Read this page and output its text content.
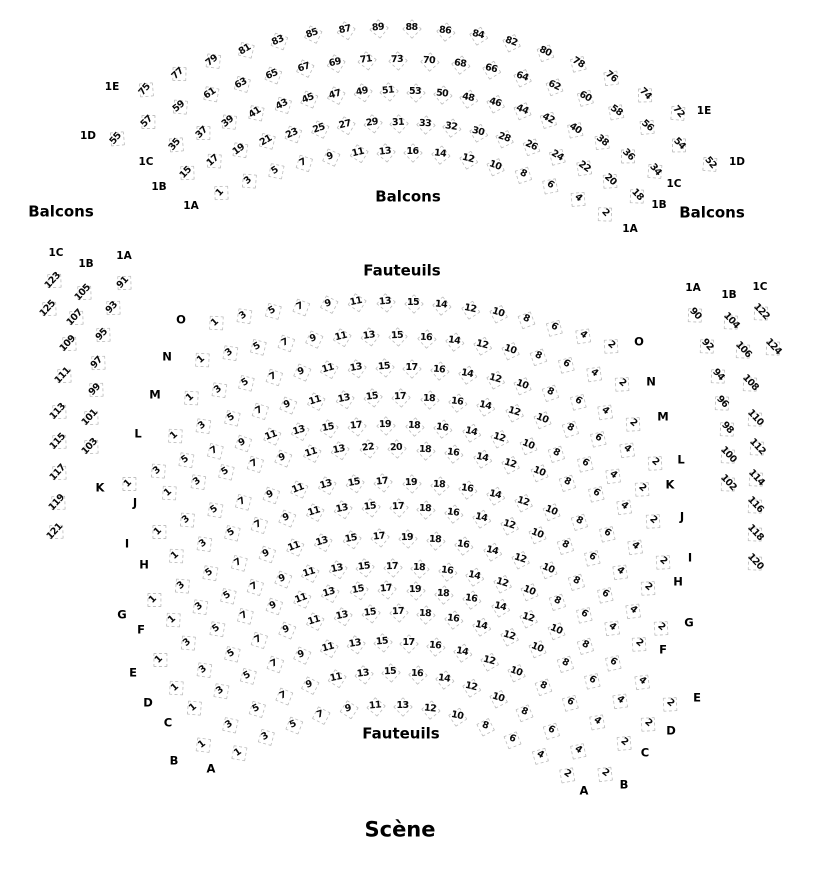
Balcons
Balcons
Balcons
Fauteuils
Fauteuils
Scène
75
77
79
81
83 85 87 89 88 86 84 82
80
78
76
74
72
1E
1E
55
57
59
61
63
65 67 69 71 73 70 68 66
64
62
60
58
56
54
52
1D
1D
35
37
39
41 43 45 47 49 51 53 50 48 46 44
42
40
38
36
34
1C
1C
15
17
19
21 23 25 27 29 31 33 32 30 28
26
24
22
20
18
1B
1B
1
3
5
7 9 11 13 16 14 12 10
8
6
4
2
1A
1A
1
3 5 7 9 11 13 15 14 12 10 8
6
4
2
O
O
1
3 5 7 9 11 13 15 16 14 12 10 8
6
4
2
N
N
1
3
5 7 9 11 13 15 17 16 14 12 10
8
6
4
2
M
M
1
3
5
7 9 11 13 15 17 18 16 14 12 10
8
6
4
2
L
L
1
3
5
7
9 11 13 15 17 19 18 16 14 12 10
8
6
4
2
K	K
1
3
5
7
9 11 13 22 20 18 16 14 12
10
8
6
4
2
J
J
1
3
5
7
9 11 13 15 17 19 18 16 14
12
10
8
6
4
2
I
I
1
3
5
7
9 11 13 15 17 18 16 14
12
10
8
6
4
2
H
H
1
3
5
7
9 11 13 15 17 19 18 16 14
12
10
8
6
4
2
G
G
1
3
5
7
9 11 13 15 17 18 16 14 12
10
8
6
4
2
F
F
1
3
5
7
9
11 13 15 17 19 18 16
14
12
10
8
6
4
2
E
E
1
3
5
7
9
11 13 15 17 18 16
14
12
10
8
6
4
2
D
D
1
3
5
7
9 11 13 15 17 16 14
12
10
8
6
4
2
C
C
1
3
5
7
9
11 13 15 16 14
12
10
8
6
4
2
B
B
1
3
5
7
9 11 13 12 10
8
6
4
2
A
A
123
125
1C
105
107
109
111
113
115
117
119
121
1B
91
93
95
97
99
101
103
1A
90
92
94
96
98
100
102
1A
104
106
108
110
112
114
116
118
120
1B
122
124
1C
